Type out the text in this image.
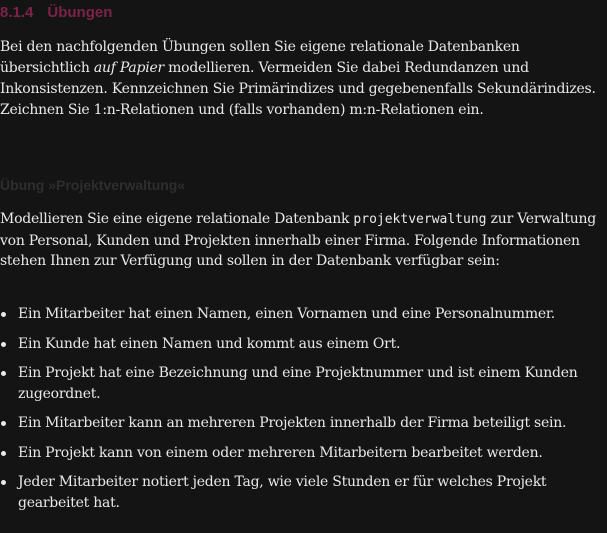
8.1.4 Übungen

Bei den nachfolgenden Übungen sollen Sie eigene relationale Datenbanken übersichtlich auf Papier modellieren. Vermeiden Sie dabei Redundanzen und Inkonsistenzen. Kennzeichnen Sie Primärindizes und gegebenenfalls Sekundärindizes. Zeichnen Sie 1:n-Relationen und (falls vorhanden) m:n-Relationen ein.

Übung »Projektverwaltung«

Modellieren Sie eine eigene relationale Datenbank projektverwaltung zur Verwaltung von Personal, Kunden und Projekten innerhalb einer Firma. Folgende Informationen stehen Ihnen zur Verfügung und sollen in der Datenbank verfügbar sein:

Ein Mitarbeiter hat einen Namen, einen Vornamen und eine Personalnummer.
Ein Kunde hat einen Namen und kommt aus einem Ort.
Ein Projekt hat eine Bezeichnung und eine Projektnummer und ist einem Kunden zugeordnet.
Ein Mitarbeiter kann an mehreren Projekten innerhalb der Firma beteiligt sein.
Ein Projekt kann von einem oder mehreren Mitarbeitern bearbeitet werden.
Jeder Mitarbeiter notiert jeden Tag, wie viele Stunden er für welches Projekt gearbeitet hat.
